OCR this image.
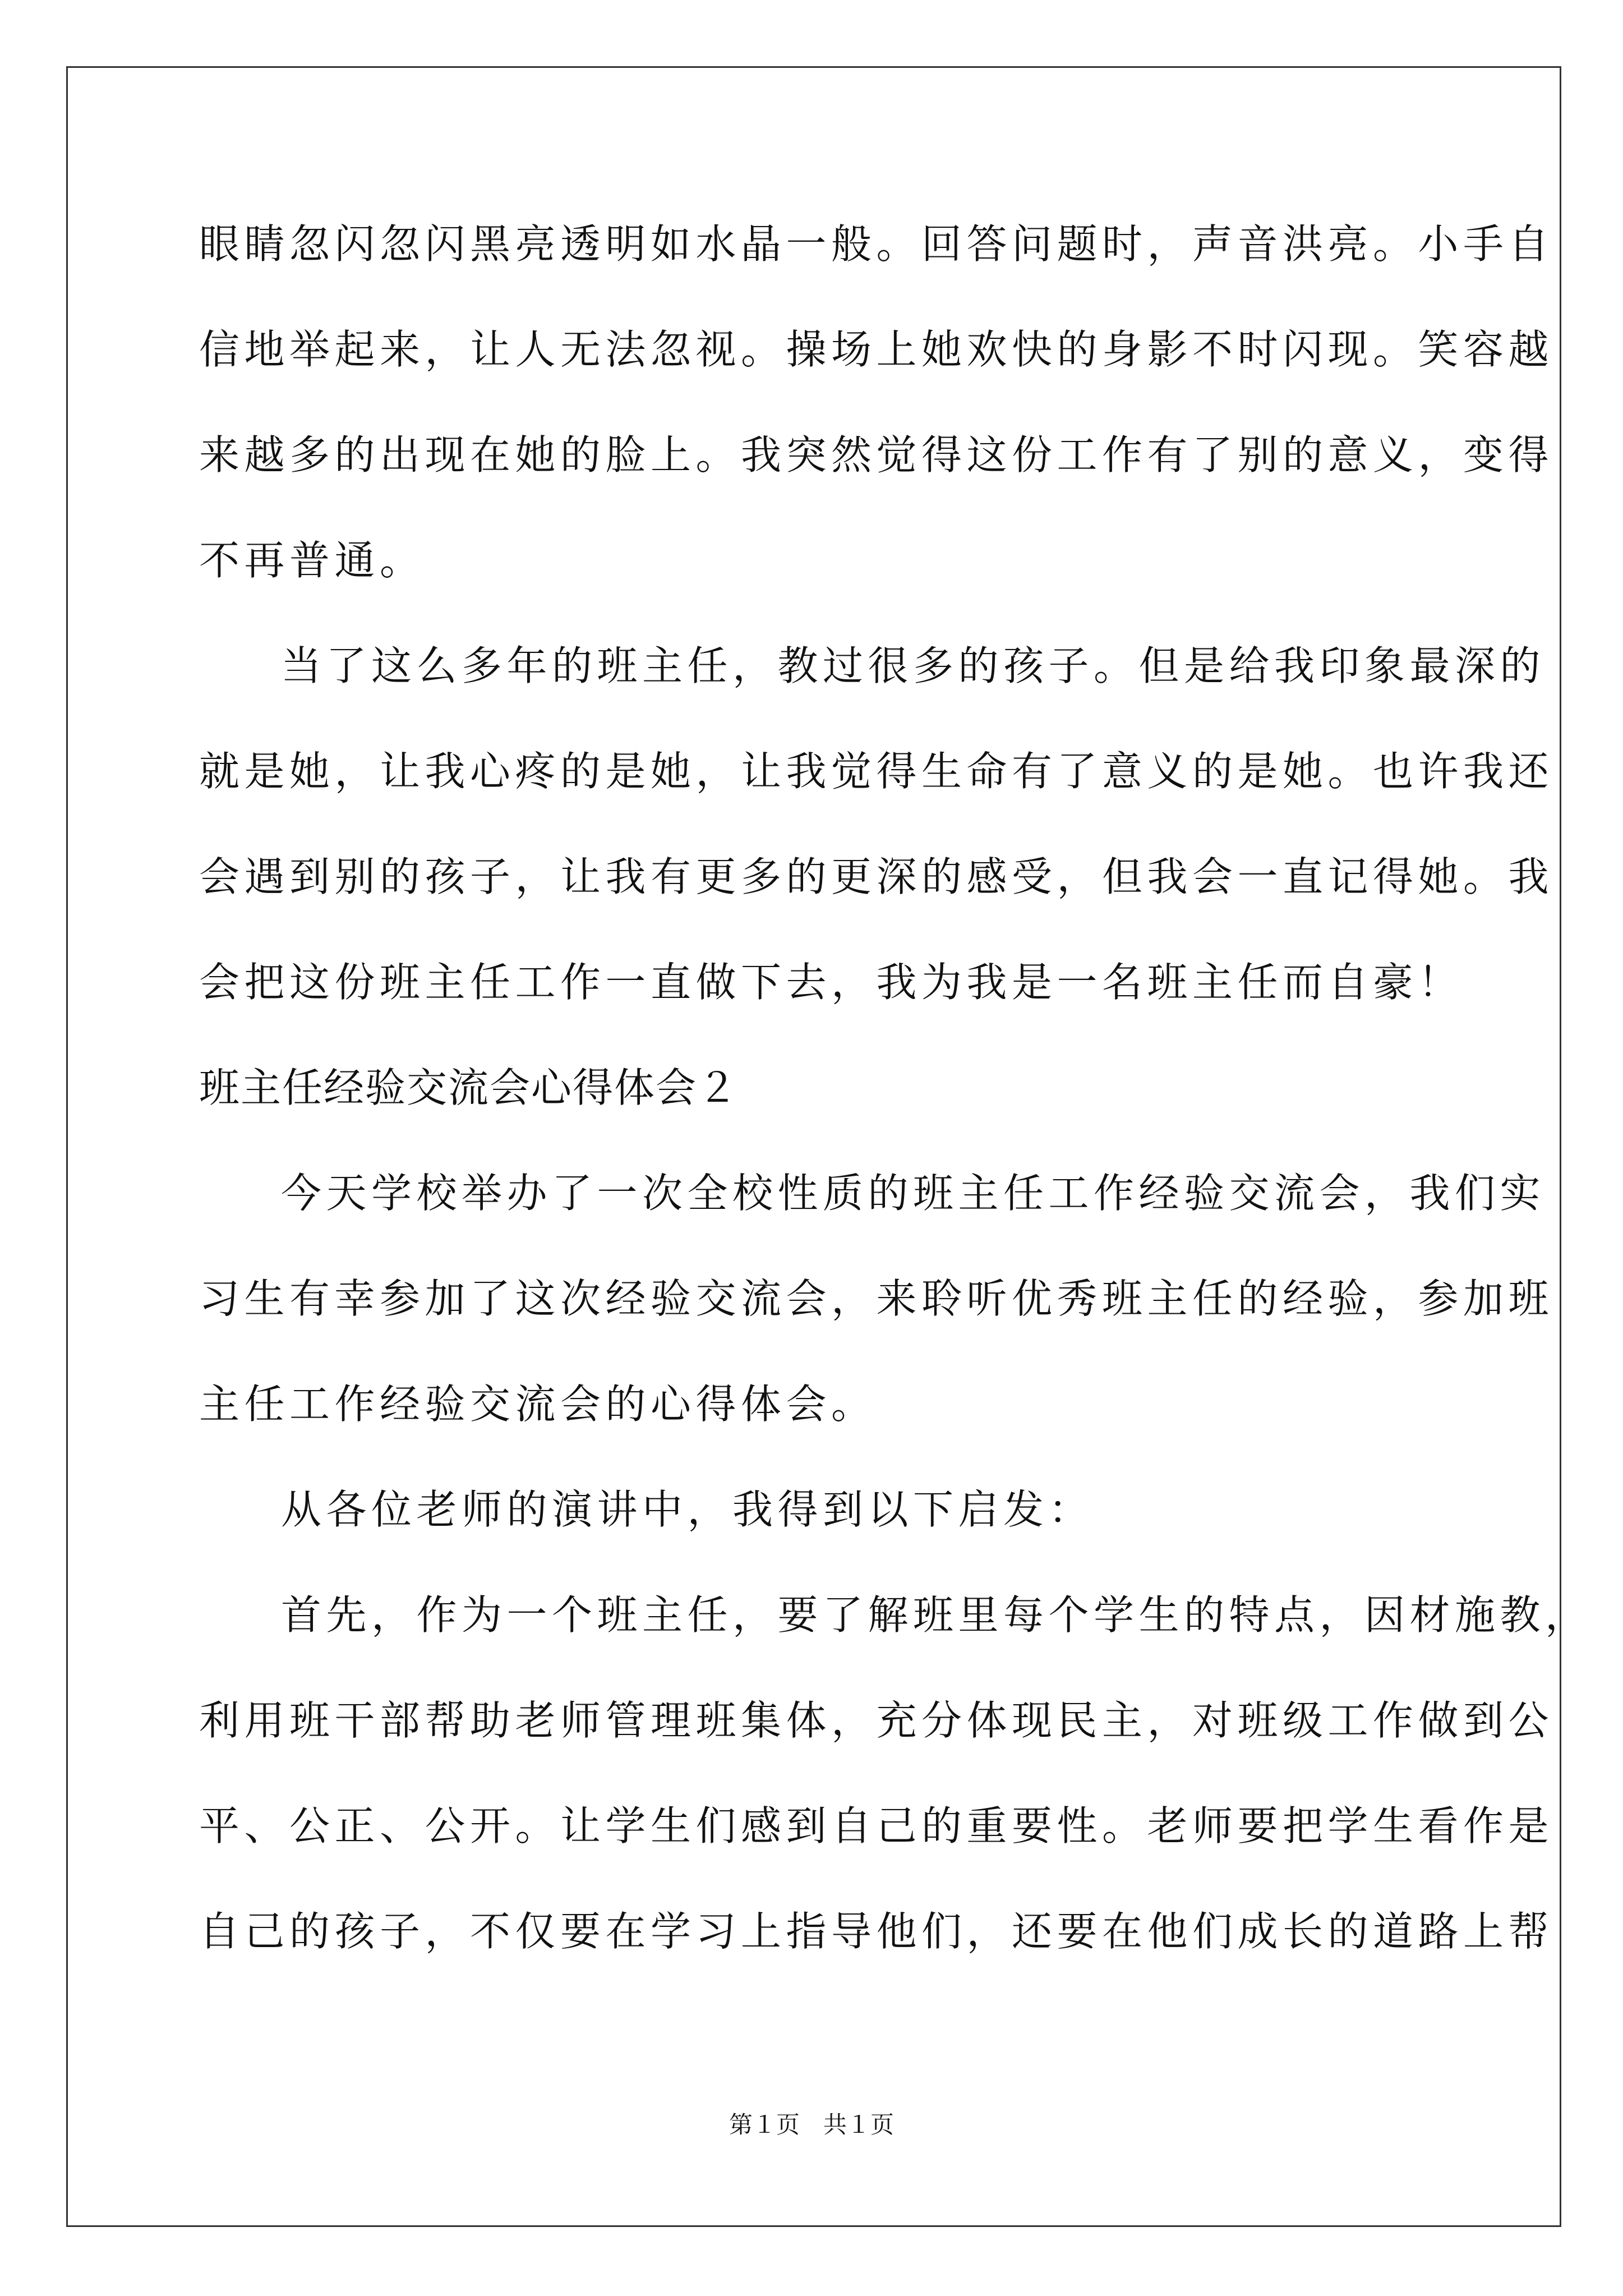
眼睛忽闪忽闪黑亮透明如水晶一般。回答问题时，声音洪亮。小手自
信地举起来，让人无法忽视。操场上她欢快的身影不时闪现。笑容越
来越多的出现在她的脸上。我突然觉得这份工作有了别的意义，变得
不再普通。
当了这么多年的班主任，教过很多的孩子。但是给我印象最深的
就是她，让我心疼的是她，让我觉得生命有了意义的是她。也许我还
会遇到别的孩子，让我有更多的更深的感受，但我会一直记得她。我
会把这份班主任工作一直做下去，我为我是一名班主任而自豪！
班主任经验交流会心得体会２
今天学校举办了一次全校性质的班主任工作经验交流会，我们实
习生有幸参加了这次经验交流会，来聆听优秀班主任的经验，参加班
主任工作经验交流会的心得体会。
从各位老师的演讲中，我得到以下启发：
首先，作为一个班主任，要了解班里每个学生的特点，因材施教，
利用班干部帮助老师管理班集体，充分体现民主，对班级工作做到公
平、公正、公开。让学生们感到自己的重要性。老师要把学生看作是
自己的孩子，不仅要在学习上指导他们，还要在他们成长的道路上帮
第１页　共１页
